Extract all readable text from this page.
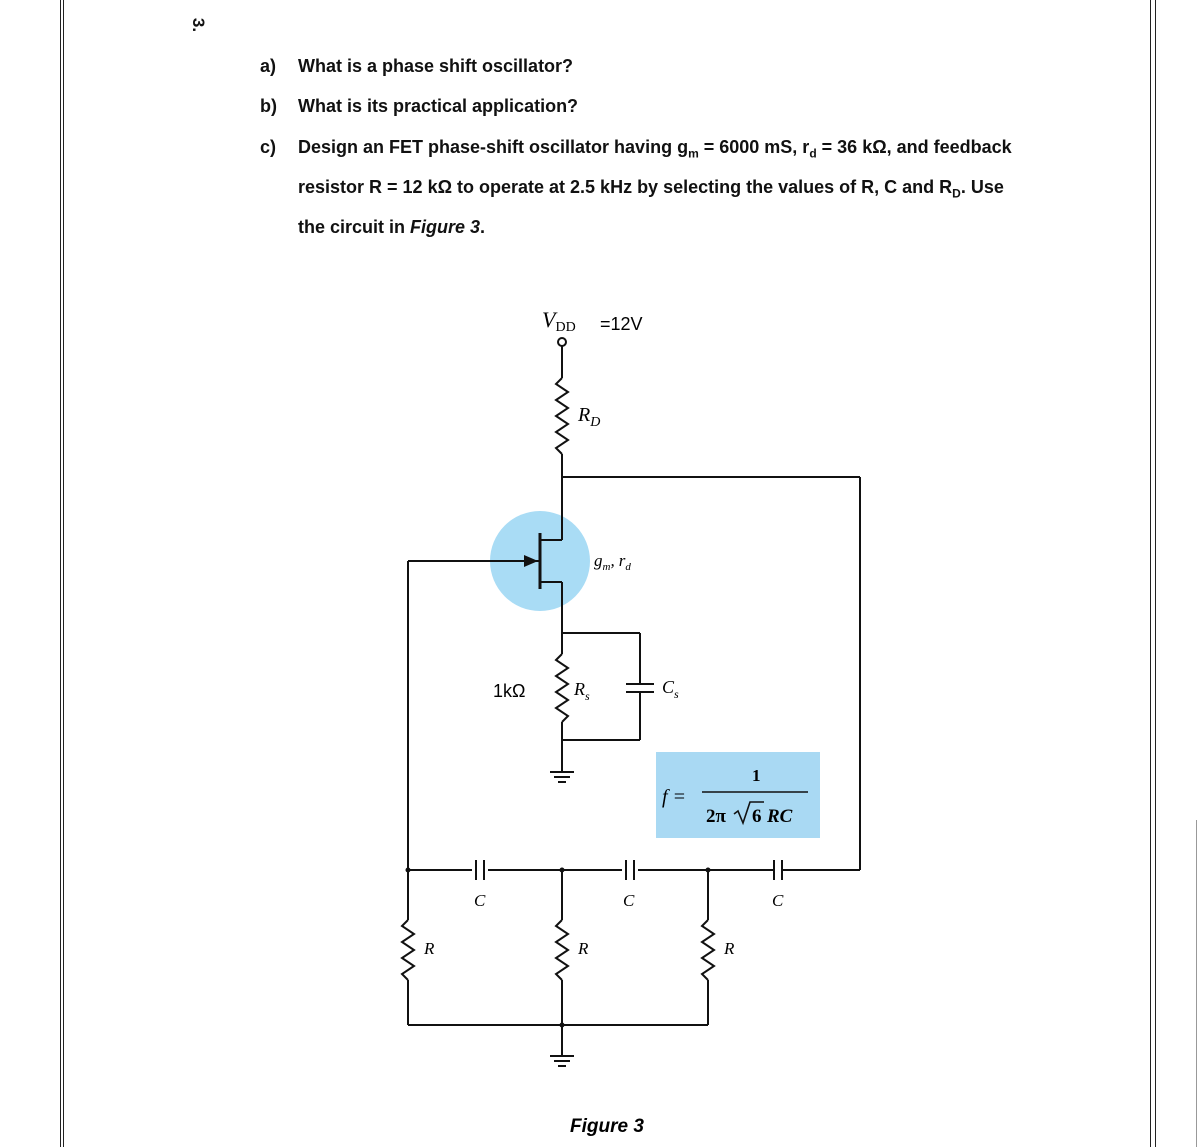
3.
a) What is a phase shift oscillator?
b) What is its practical application?
c) Design an FET phase-shift oscillator having $g_m = 6000$ mS, $r_d = 36$ kΩ, and feedback
resistor R = 12 kΩ to operate at 2.5 kHz by selecting the values of R, C and $R_D$. Use
the circuit in Figure 3.
VDD =12V
$R_D$
$g_m$, $r_d$
1kΩ	$R_s$	$C_s$
f =
1
2π 6 RC
C	C	C
R	R	R
Figure 3
